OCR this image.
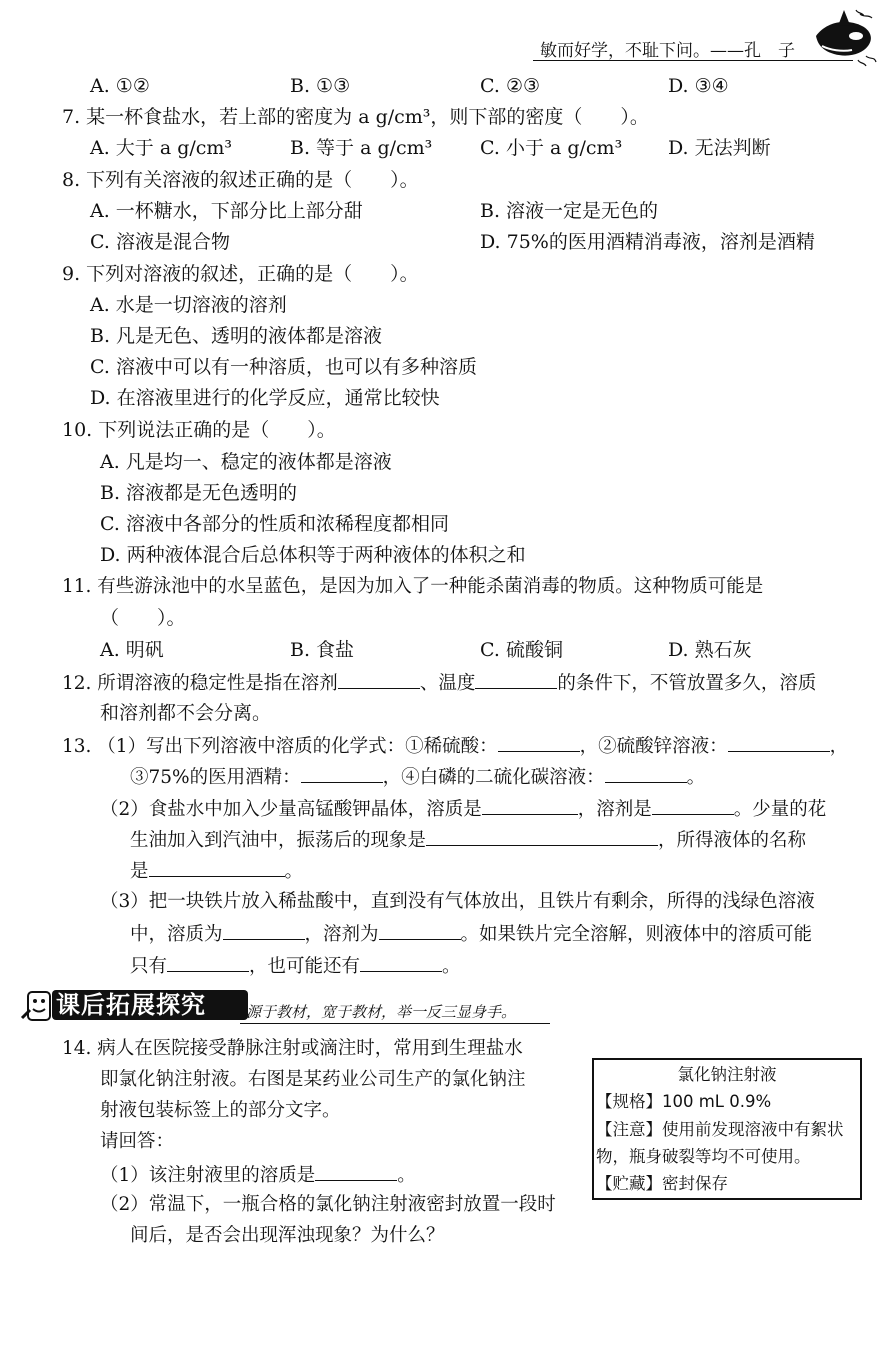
敏而好学，不耻下问。——孔　子
A. ①②	B. ①③	C. ②③	D. ③④
7. 某一杯食盐水，若上部的密度为 a g/cm³，则下部的密度（　　）。
A. 大于 a g/cm³	B. 等于 a g/cm³	C. 小于 a g/cm³ D. 无法判断
8. 下列有关溶液的叙述正确的是（　　）。
A. 一杯糖水，下部分比上部分甜	B. 溶液一定是无色的
C. 溶液是混合物	D. 75%的医用酒精消毒液，溶剂是酒精
9. 下列对溶液的叙述，正确的是（　　）。
A. 水是一切溶液的溶剂
B. 凡是无色、透明的液体都是溶液
C. 溶液中可以有一种溶质，也可以有多种溶质
D. 在溶液里进行的化学反应，通常比较快
10. 下列说法正确的是（　　）。
A. 凡是均一、稳定的液体都是溶液
B. 溶液都是无色透明的
C. 溶液中各部分的性质和浓稀程度都相同
D. 两种液体混合后总体积等于两种液体的体积之和
11. 有些游泳池中的水呈蓝色，是因为加入了一种能杀菌消毒的物质。这种物质可能是
（　　）。
A. 明矾	B. 食盐	C. 硫酸铜	D. 熟石灰
12. 所谓溶液的稳定性是指在溶剂	、温度	的条件下，不管放置多久，溶质
和溶剂都不会分离。
13. （1）写出下列溶液中溶质的化学式：①稀硫酸：	，②硫酸锌溶液：	，
③75%的医用酒精：	，④白磷的二硫化碳溶液：	。
（2）食盐水中加入少量高锰酸钾晶体，溶质是	，溶剂是	。少量的花
生油加入到汽油中，振荡后的现象是	，所得液体的名称
是	。
（3）把一块铁片放入稀盐酸中，直到没有气体放出，且铁片有剩余，所得的浅绿色溶液
中，溶质为	，溶剂为	。如果铁片完全溶解，则液体中的溶质可能
只有	，也可能还有	。
课后拓展探究	源于教材，宽于教材，举一反三显身手。
14. 病人在医院接受静脉注射或滴注时，常用到生理盐水
即氯化钠注射液。右图是某药业公司生产的氯化钠注
射液包装标签上的部分文字。
请回答：
（1）该注射液里的溶质是	。
（2）常温下，一瓶合格的氯化钠注射液密封放置一段时
间后，是否会出现浑浊现象？为什么？
氯化钠注射液
【规格】100 mL 0.9%
【注意】使用前发现溶液中有絮状
物，瓶身破裂等均不可使用。
【贮藏】密封保存
